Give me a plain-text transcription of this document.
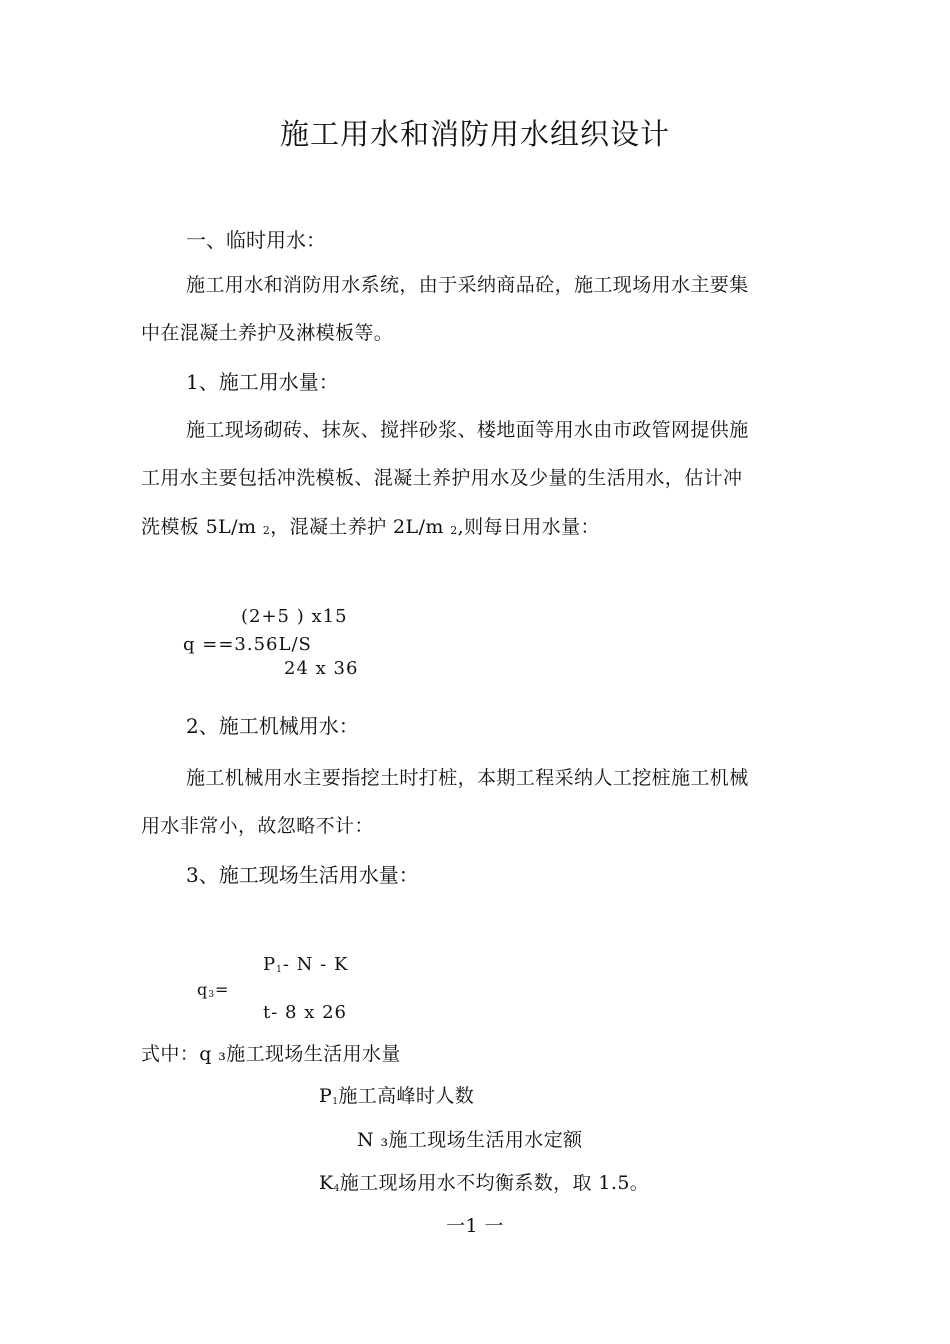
施工用水和消防用水组织设计
一、临时用水：
施工用水和消防用水系统，由于采纳商品砼，施工现场用水主要集
中在混凝土养护及淋模板等。
1、施工用水量：
施工现场砌砖、抹灰、搅拌砂浆、楼地面等用水由市政管网提供施
工用水主要包括冲洗模板、混凝土养护用水及少量的生活用水，估计冲
洗模板 5L/m 2，混凝土养护 2L/m 2,则每日用水量：
(2+5 ) x15
q ==3.56L/S
24 x 36
2、施工机械用水：
施工机械用水主要指挖土时打桩，本期工程采纳人工挖桩施工机械
用水非常小，故忽略不计：
3、施工现场生活用水量：
P1- N - K
q3=
t- 8 x 26
式中：q ₃施工现场生活用水量
P1施工高峰时人数
N ₃施工现场生活用水定额
K4施工现场用水不均衡系数，取 1.5。
一1 一
